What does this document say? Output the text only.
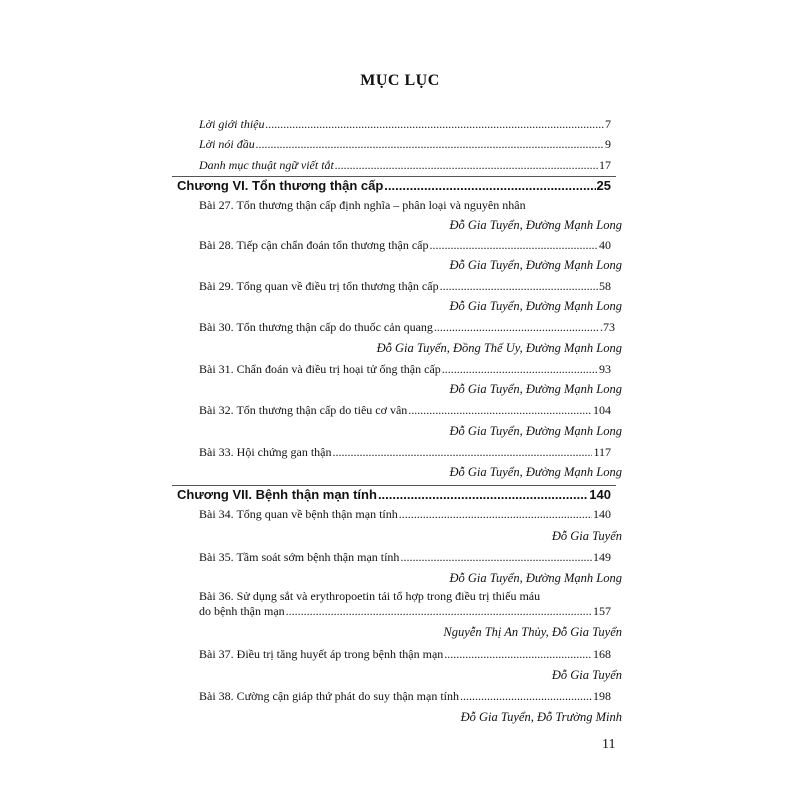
MỤC LỤC
Lời giới thiệu .....	7
Lời nói đầu .....	9
Danh mục thuật ngữ viết tắt .....	17
Chương VI. Tổn thương thận cấp .....	25
Bài 27. Tổn thương thận cấp định nghĩa – phân loại và nguyên nhân
Đỗ Gia Tuyển, Đường Mạnh Long
Bài 28. Tiếp cận chẩn đoán tổn thương thận cấp .....	40
Đỗ Gia Tuyển, Đường Mạnh Long
Bài 29. Tổng quan về điều trị tổn thương thận cấp .....	58
Đỗ Gia Tuyển, Đường Mạnh Long
Bài 30. Tổn thương thận cấp do thuốc cản quang .....	.73
Đỗ Gia Tuyển, Đồng Thế Uy, Đường Mạnh Long
Bài 31. Chẩn đoán và điều trị hoại tử ống thận cấp .....	93
Đỗ Gia Tuyển, Đường Mạnh Long
Bài 32. Tổn thương thận cấp do tiêu cơ vân .....	104
Đỗ Gia Tuyển, Đường Mạnh Long
Bài 33. Hội chứng gan thận .....	117
Đỗ Gia Tuyển, Đường Mạnh Long
Chương VII. Bệnh thận mạn tính .....	140
Bài 34. Tổng quan về bệnh thận mạn tính .....	140
Đỗ Gia Tuyển
Bài 35. Tầm soát sớm bệnh thận mạn tính .....	149
Đỗ Gia Tuyển, Đường Mạnh Long
Bài 36. Sử dụng sắt và erythropoetin tái tổ hợp trong điều trị thiếu máu
do bệnh thận mạn .....	157
Nguyễn Thị An Thủy, Đỗ Gia Tuyển
Bài 37. Điều trị tăng huyết áp trong bệnh thận mạn .....	168
Đỗ Gia Tuyển
Bài 38. Cường cận giáp thứ phát do suy thận mạn tính .....	198
Đỗ Gia Tuyển, Đỗ Trường Minh
11
